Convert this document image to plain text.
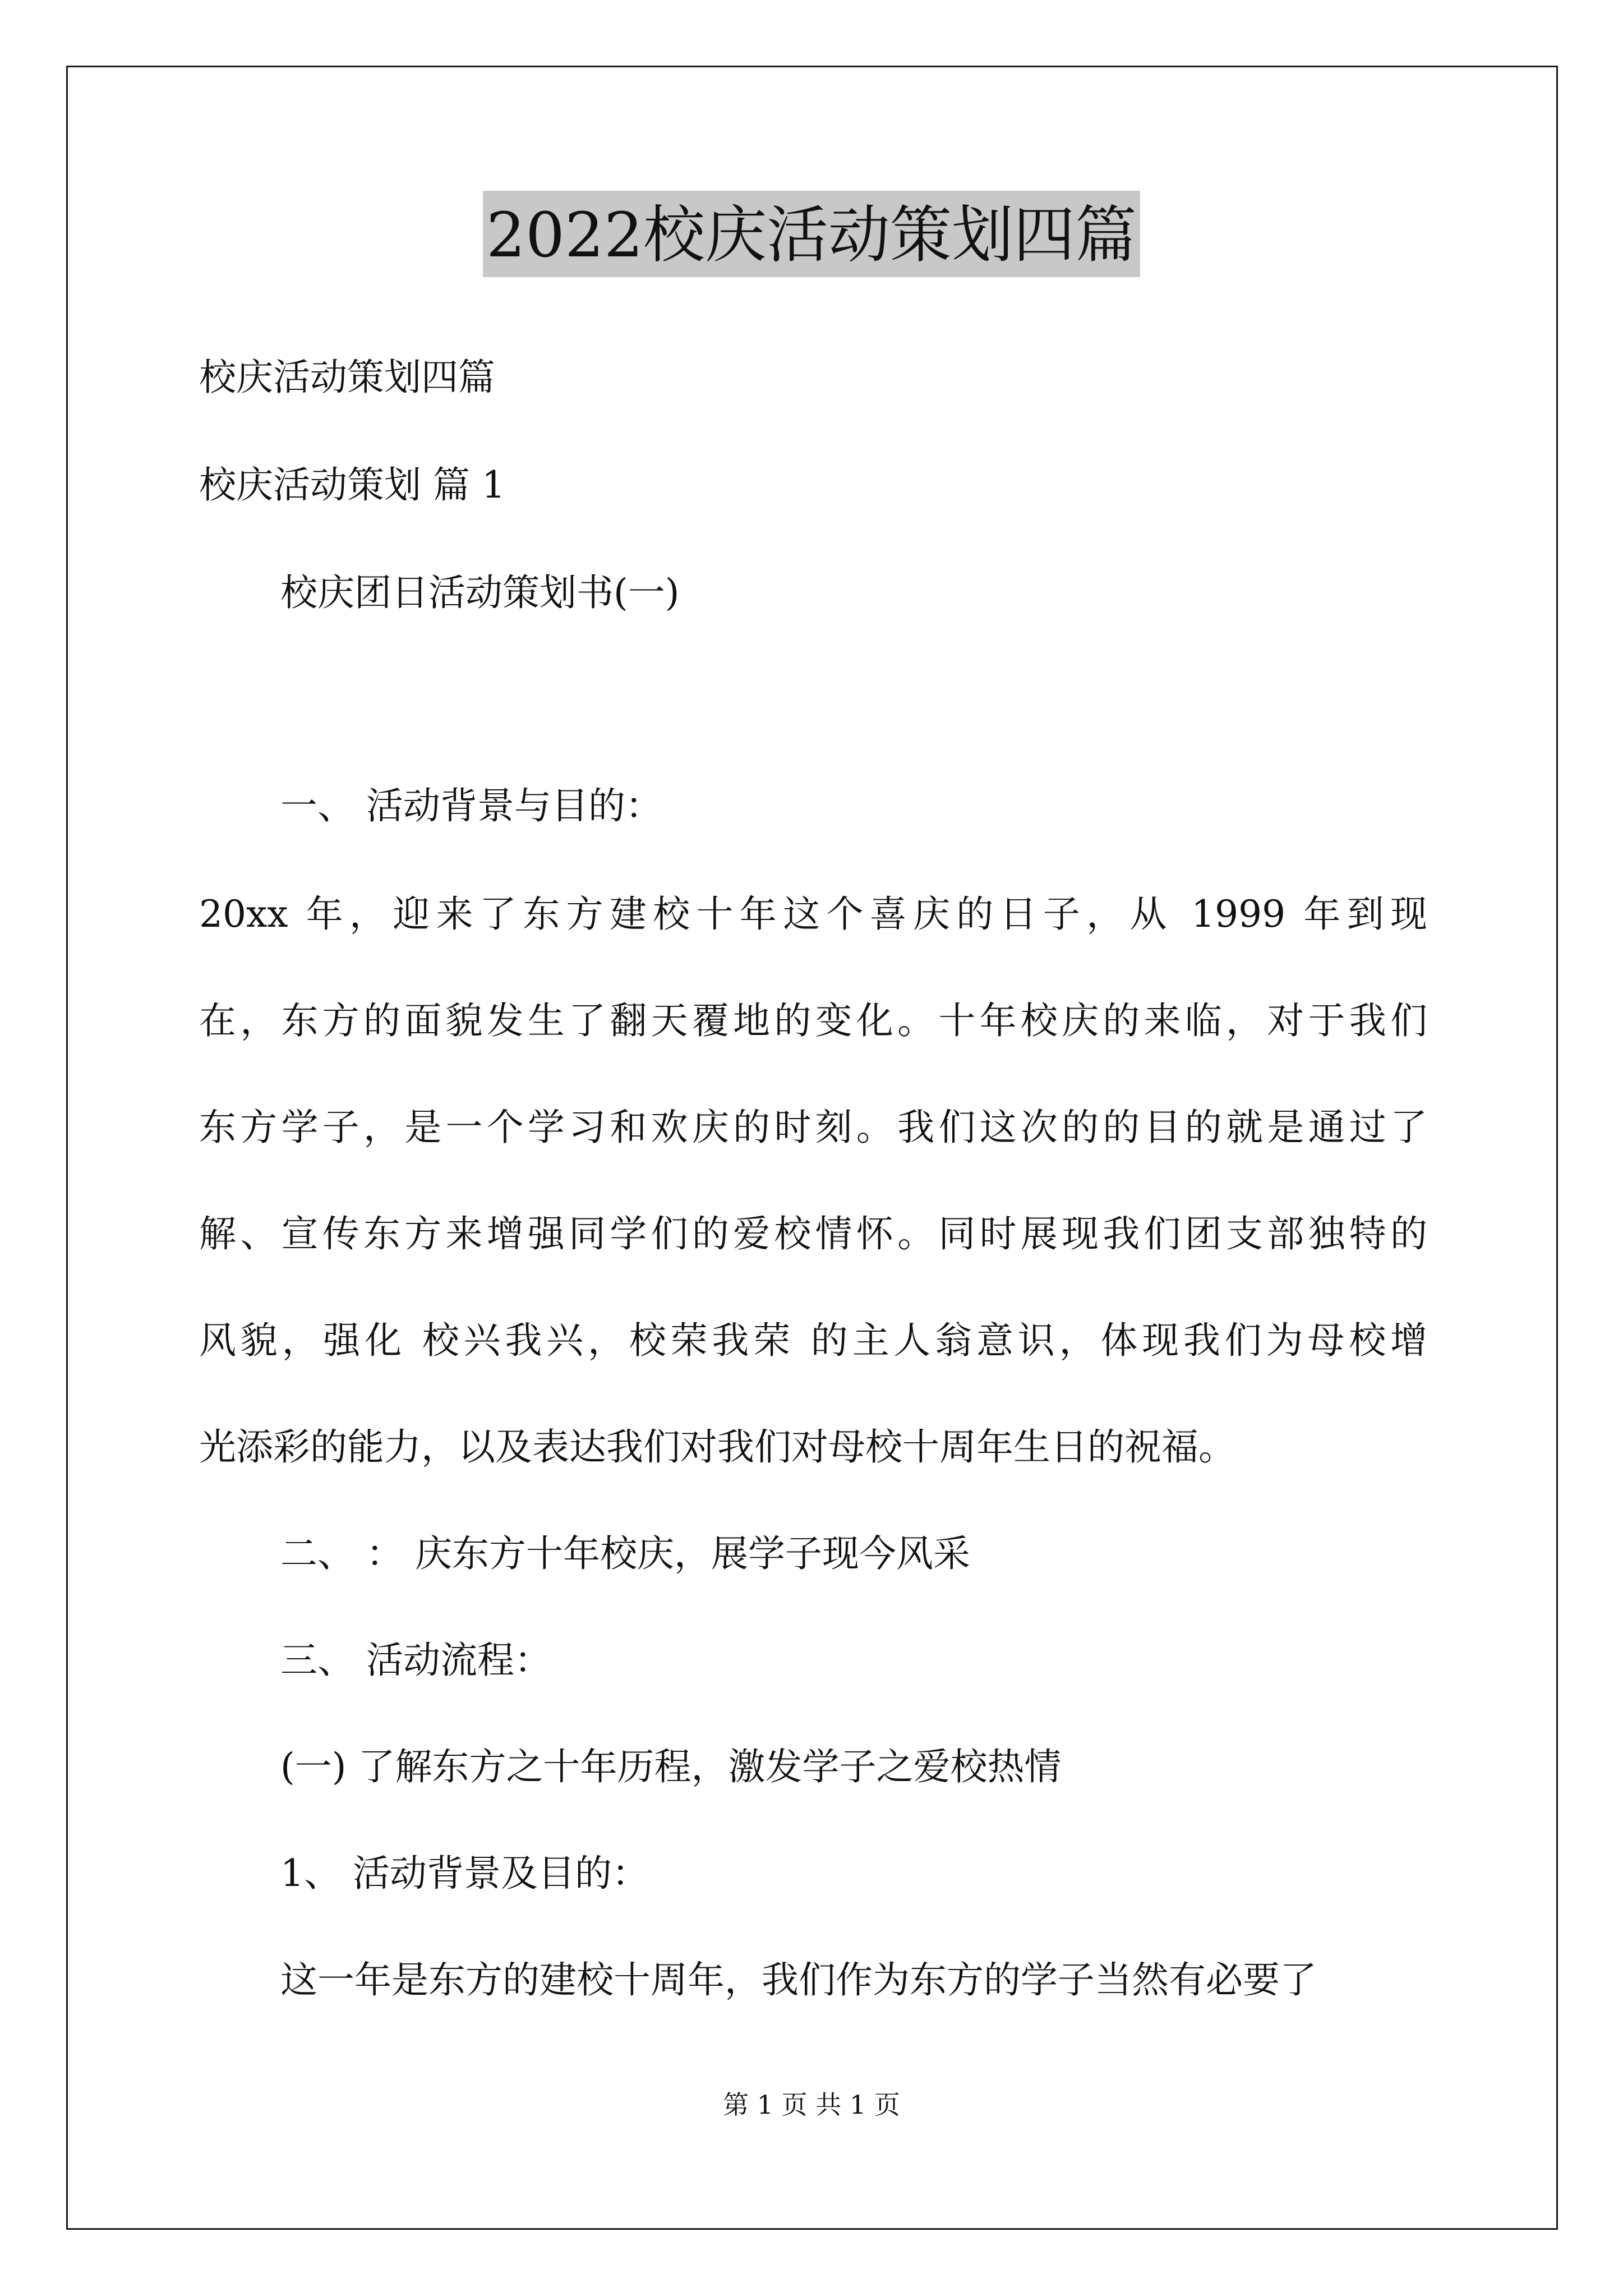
2022校庆活动策划四篇
校庆活动策划四篇
校庆活动策划 篇 1
校庆团日活动策划书(一)
一、 活动背景与目的：
20xx 年，迎来了东方建校十年这个喜庆的日子，从 1999 年到现
在，东方的面貌发生了翻天覆地的变化。十年校庆的来临，对于我们
东方学子，是一个学习和欢庆的时刻。我们这次的的目的就是通过了
解、宣传东方来增强同学们的爱校情怀。同时展现我们团支部独特的
风貌，强化 校兴我兴，校荣我荣 的主人翁意识，体现我们为母校增
光添彩的能力，以及表达我们对我们对母校十周年生日的祝福。
二、 ： 庆东方十年校庆，展学子现今风采
三、 活动流程：
(一) 了解东方之十年历程，激发学子之爱校热情
1、 活动背景及目的：
这一年是东方的建校十周年，我们作为东方的学子当然有必要了
第 1 页 共 1 页
